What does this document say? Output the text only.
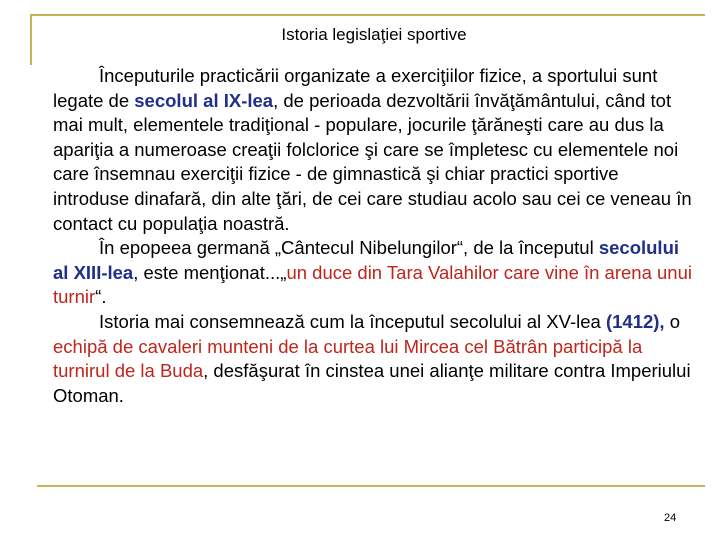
Istoria legislaţiei sportive

Începuturile practicării organizate a exerciţiilor fizice, a sportului sunt legate de secolul al IX-lea, de perioada dezvoltării învăţământului, când tot mai mult, elementele tradiţional - populare, jocurile ţărăneşti care au dus la apariţia a numeroase creaţii folclorice şi care se împletesc cu elementele noi care însemnau exerciţii fizice - de gimnastică şi chiar practici sportive introduse dinafară, din alte ţări, de cei care studiau acolo sau cei ce veneau în contact cu populaţia noastră.

În epopeea germană „Cântecul Nibelungilor“, de la începutul secolului al XIII-lea, este menţionat...„un duce din Tara Valahilor care vine în arena unui turnir“.

Istoria mai consemnează cum la începutul secolului al XV-lea (1412), o echipă de cavaleri munteni de la curtea lui Mircea cel Bătrân participă la turnirul de la Buda, desfăşurat în cinstea unei alianţe militare contra Imperiului Otoman.

24
